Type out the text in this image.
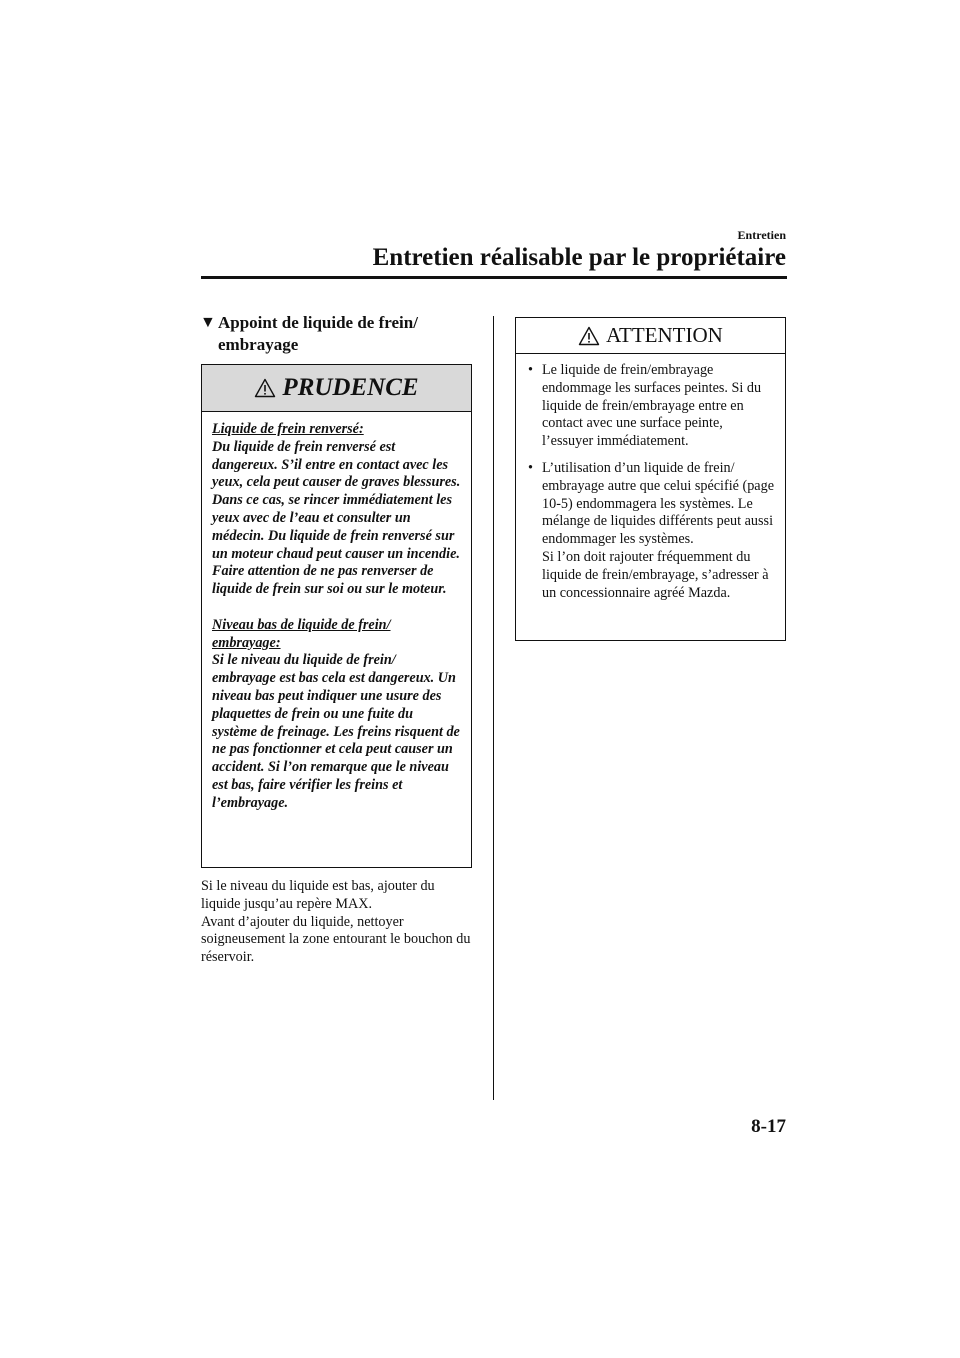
Entretien
Entretien réalisable par le propriétaire
▼ Appoint de liquide de frein/ embrayage
PRUDENCE

Liquide de frein renversé:

Du liquide de frein renversé est dangereux. S’il entre en contact avec les yeux, cela peut causer de graves blessures. Dans ce cas, se rincer immédiatement les yeux avec de l’eau et consulter un médecin. Du liquide de frein renversé sur un moteur chaud peut causer un incendie. Faire attention de ne pas renverser de liquide de frein sur soi ou sur le moteur.

Niveau bas de liquide de frein/ embrayage:

Si le niveau du liquide de frein/ embrayage est bas cela est dangereux. Un niveau bas peut indiquer une usure des plaquettes de frein ou une fuite du système de freinage. Les freins risquent de ne pas fonctionner et cela peut causer un accident. Si l’on remarque que le niveau est bas, faire vérifier les freins et l’embrayage.

Si le niveau du liquide est bas, ajouter du liquide jusqu’au repère MAX.

Avant d’ajouter du liquide, nettoyer soigneusement la zone entourant le bouchon du réservoir.

ATTENTION
• Le liquide de frein/embrayage endommage les surfaces peintes. Si du liquide de frein/embrayage entre en contact avec une surface peinte, l’essuyer immédiatement.

• L’utilisation d’un liquide de frein/ embrayage autre que celui spécifié (page 10-5) endommagera les systèmes. Le mélange de liquides différents peut aussi endommager les systèmes.

Si l’on doit rajouter fréquemment du liquide de frein/embrayage, s’adresser à un concessionnaire agréé Mazda.

8-17
